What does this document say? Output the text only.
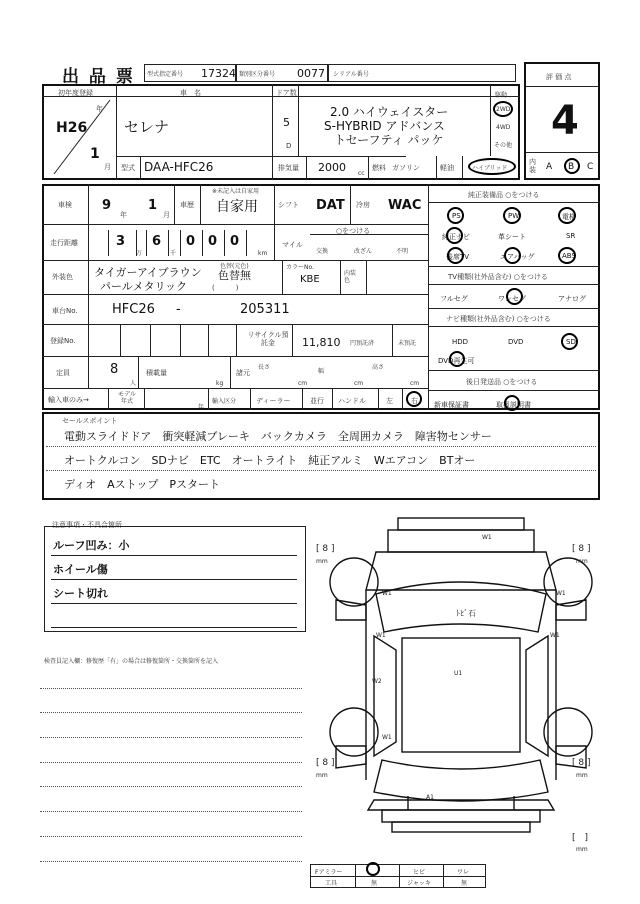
出 品 票 型式指定番号 17324 類別区分番号 0077 シリアル番号	評 価 点
4
内装 A B C
初年度登録
年
H26
1
月
車　名
セレナ
型式 DAA-HFC26
ドア数
5
D
2.0 ハイウェイスター
S-HYBRID アドバンス
トセーフティ パッケ
駆動
2WD
4WD
その他
排気量 2000 cc
燃料 ガソリン	軽油	ハイブリッド
車検 9
年
1
月
車歴
※未記入は自家用
自家用	シフト DAT 冷房 WAC
走行距離	3
万
6
千
0 0 0
km
マイル
○をつける
交換	改ざん	不明
外装色 タイガーアイブラウン
パールメタリック
色替(元色)
色替無
(　　　)
カラーNo.
KBE
内装色
車台No.	HFC26 -	205311
登録No.
リサイクル預託金	11,810 円預託済	未預託
定員	8
人
積載量
kg
諸元
長さ
cm
幅
cm
高さ
cm
輸入車のみ→
モデル年式
年
輸入区分	ディーラー	並行 ハンドル	左	右
純正装備品 ○をつける
PS	PW	電格
純正ナビ	革シート	SR
後席TV	エアバッグ	ABS
TV種類(社外品含む) ○をつける
フルセグ	ワンセグ	アナログ
ナビ種類(社外品含む) ○をつける
HDD	DVD	SD
DVD再生可
後日発送品 ○をつける
新車保証書	取扱説明書
セールスポイント
電動スライドドア　衝突軽減ブレーキ　バックカメラ　全周囲カメラ　障害物センサー
オートクルコン　SDナビ　ETC　オートライト　純正アルミ　Wエアコン　BTオー
ディオ　Aストップ　Pスタート
注意事項・不具合箇所
ルーフ凹み：小
ホイール傷
シート切れ
検査員記入欄：修復歴「有」の場合は修復箇所・交換箇所を記入
W1
W1	W1
W1
W2
W1
W1
U1
A1
ﾄﾋﾞ石
[ 8 ]
mm
[ 8 ]
mm
[ 8 ]
mm
[ 8 ]
mm
[　]
mm
Fアミラー	ヒビ	ワレ
工具	無	ジャッキ	無
